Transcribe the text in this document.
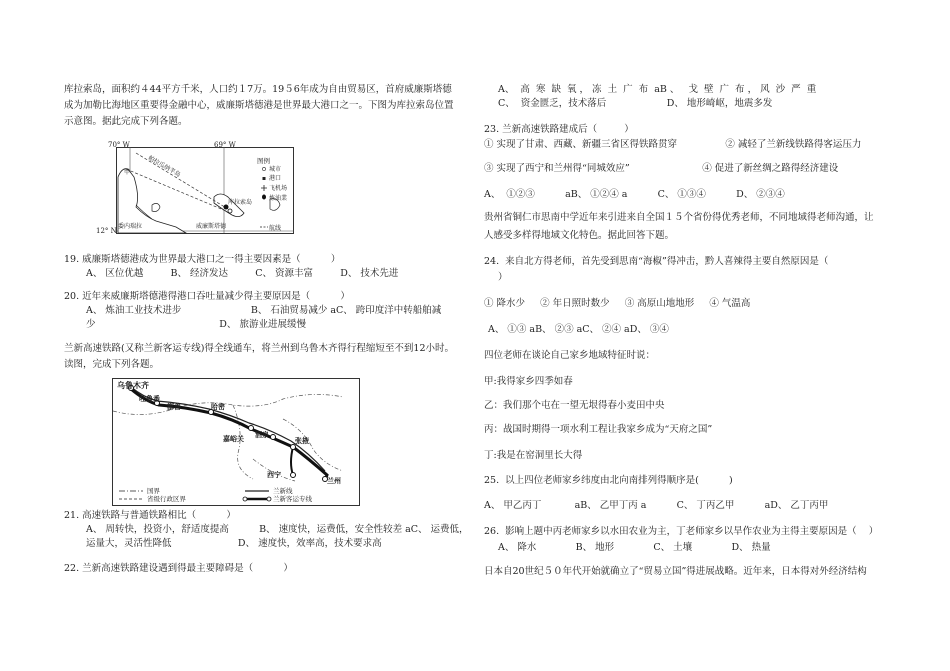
库拉索岛，面积约４44平方千米，人口约１7万。19５6年成为自由贸易区，首府威廉斯塔德
成为加勒比海地区重要得金融中心，威廉斯塔德港是世界最大港口之一。下图为库拉索岛位置
示意图。据此完成下列各题。
70° W	69° W
12° N
图例
城市
港口
飞机场
炼油業
航线
库拉索岛
帕拉瓜纳半岛
委内瑞拉	威廉斯塔德
甲
19. 威廉斯塔德港成为世界最大港口之一得主要因素是（          ）
A、 区位优越         B、 经济发达         C、 资源丰富         D、 技术先进
20. 近年来威廉斯塔德港得港口吞吐量减少得主要原因是（          ）
A、 炼油工业技术进步                       B、 石油贸易减少 aC、 跨印度洋中转船舶减
少                                         D、 旅游业进展缓慢
兰新高速铁路(又称兰新客运专线)得全线通车，将兰州到乌鲁木齐得行程缩短至不到12小时。
读图，完成下列各题。
乌鲁木齐
吐鲁番
鄯善	哈密
嘉峪关 酒泉
张掖
西宁
兰州
国界
省级行政区界
兰新线
兰新客运专线
21. 高速铁路与普通铁路相比（          ）
A、 周转快，投资小，舒适度提高          B、 速度快，运费低，安全性较差 aC、 运费低，
运量大，灵活性降低                      D、 速度快，效率高，技术要求高
22. 兰新高速铁路建设遇到得最主要障碍是（          ）
A、  高  寒  缺  氧 ， 冻  土  广  布  aB 、   戈  壁  广  布 ， 风  沙  严  重
C、  资金匮乏，技术落后                    D、 地形崎岖，地震多发
23. 兰新高速铁路建成后（         ）
① 实现了甘肃、西藏、新疆三省区得铁路贯穿                ② 减轻了兰新线铁路得客运压力
③ 实现了西宁和兰州得“同城效应”                        ④ 促进了新丝绸之路得经济建设
A、  ①②③          aB、 ①②④ a          C、 ①③④          D、 ②③④
贵州省铜仁市思南中学近年来引进来自全国１５个省份得优秀老师，不同地域得老师沟通，让
人感受多样得地域文化特色。据此回答下题。
24.  来自北方得老师，首先受到思南“海椒”得冲击，黔人喜辣得主要自然原因是（
）
① 降水少     ② 年日照时数少     ③ 高原山地地形     ④ 气温高
A、 ①③ aB、 ②③ aC、 ②④ aD、 ③④
四位老师在谈论自己家乡地域特征时说：
甲:我得家乡四季如春
乙：我们那个屯在一望无垠得春小麦田中央
丙：战国时期得一项水利工程让我家乡成为“天府之国”
丁:我是在窑洞里长大得
25.  以上四位老师家乡纬度由北向南排列得顺序是(          )
A、 甲乙丙丁           aB、 乙甲丁丙 a          C、 丁丙乙甲          aD、 乙丁丙甲
26.  影响上题中丙老师家乡以水田农业为主，丁老师家乡以旱作农业为主得主要原因是（    ）
A、 降水             B、 地形             C、 土壤             D、 热量
日本自20世纪５０年代开始就确立了“贸易立国”得进展战略。近年来，日本得对外经济结构
